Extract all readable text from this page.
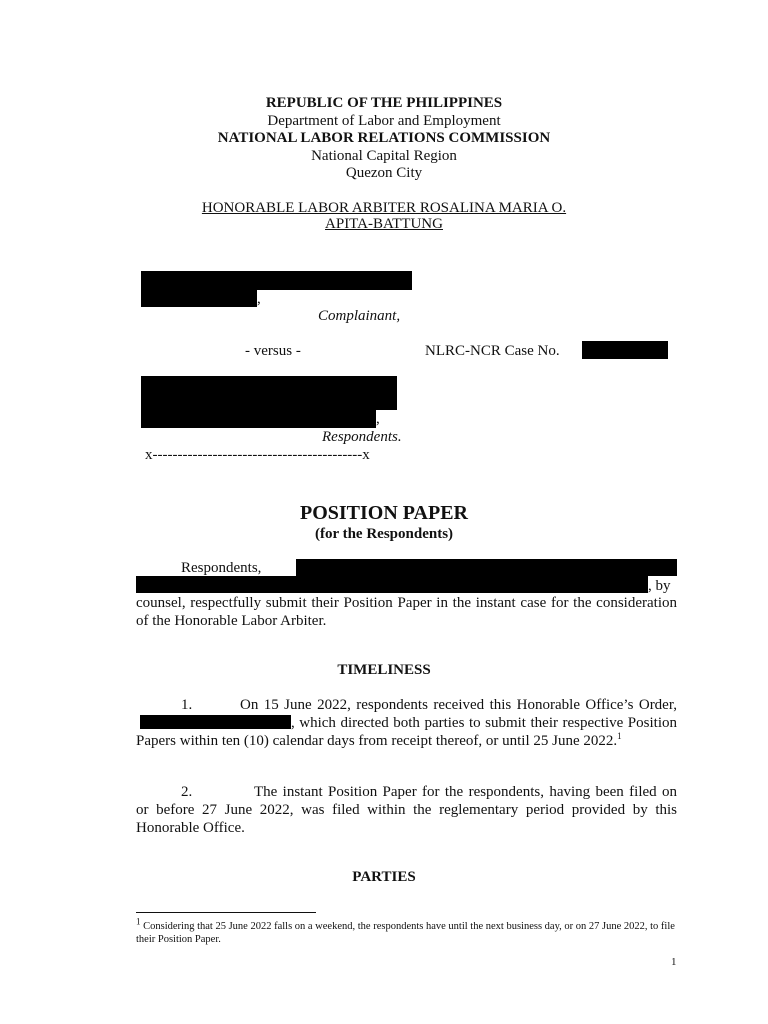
REPUBLIC OF THE PHILIPPINES
Department of Labor and Employment
NATIONAL LABOR RELATIONS COMMISSION
National Capital Region
Quezon City
HONORABLE LABOR ARBITER ROSALINA MARIA O.
APITA-BATTUNG
,
Complainant,
- versus -	NLRC-NCR Case No.
,
Respondents.
x------------------------------------------x
POSITION PAPER
(for the Respondents)
Respondents,
, by
counsel, respectfully submit their Position Paper in the instant case for the consideration of the Honorable Labor Arbiter.
TIMELINESS
1.	On 15 June 2022, respondents received this Honorable Office’s Order,, which directed both parties to submit their respective Position Papers within ten (10) calendar days from receipt thereof, or until 25 June 2022.$^1$
2.	The instant Position Paper for the respondents, having been filed on or before 27 June 2022, was filed within the reglementary period provided by this Honorable Office.
PARTIES
1 Considering that 25 June 2022 falls on a weekend, the respondents have until the next business day, or on 27 June 2022, to file their Position Paper.
1
